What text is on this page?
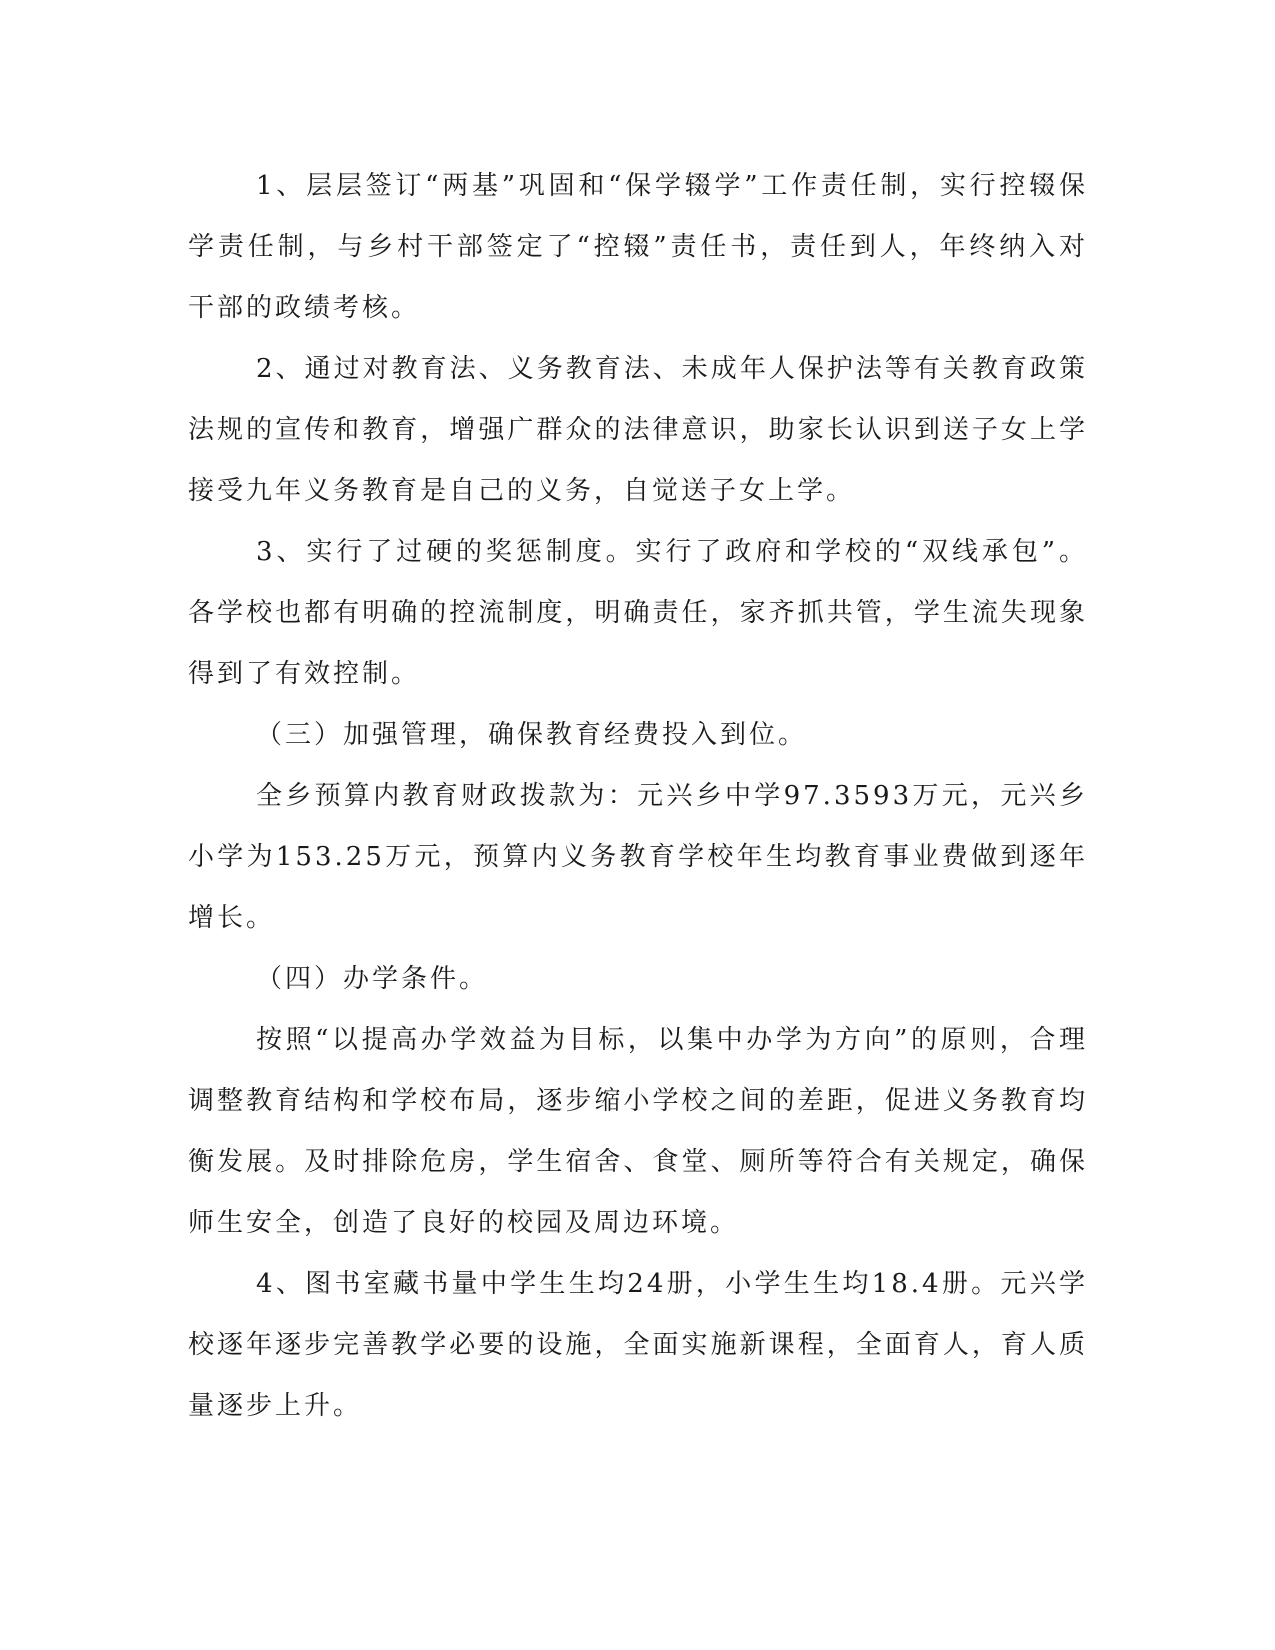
1、层层签订“两基”巩固和“保学辍学”工作责任制，实行控辍保学责任制，与乡村干部签定了“控辍”责任书，责任到人，年终纳入对干部的政绩考核。

2、通过对教育法、义务教育法、未成年人保护法等有关教育政策法规的宣传和教育，增强广群众的法律意识，助家长认识到送子女上学接受九年义务教育是自己的义务，自觉送子女上学。

3、实行了过硬的奖惩制度。实行了政府和学校的“双线承包”。各学校也都有明确的控流制度，明确责任，家齐抓共管，学生流失现象得到了有效控制。

（三）加强管理，确保教育经费投入到位。

全乡预算内教育财政拨款为：元兴乡中学97.3593万元，元兴乡小学为153.25万元，预算内义务教育学校年生均教育事业费做到逐年增长。

（四）办学条件。

按照“以提高办学效益为目标，以集中办学为方向”的原则，合理调整教育结构和学校布局，逐步缩小学校之间的差距，促进义务教育均衡发展。及时排除危房，学生宿舍、食堂、厕所等符合有关规定，确保师生安全，创造了良好的校园及周边环境。

4、图书室藏书量中学生生均24册，小学生生均18.4册。元兴学校逐年逐步完善教学必要的设施，全面实施新课程，全面育人，育人质量逐步上升。
